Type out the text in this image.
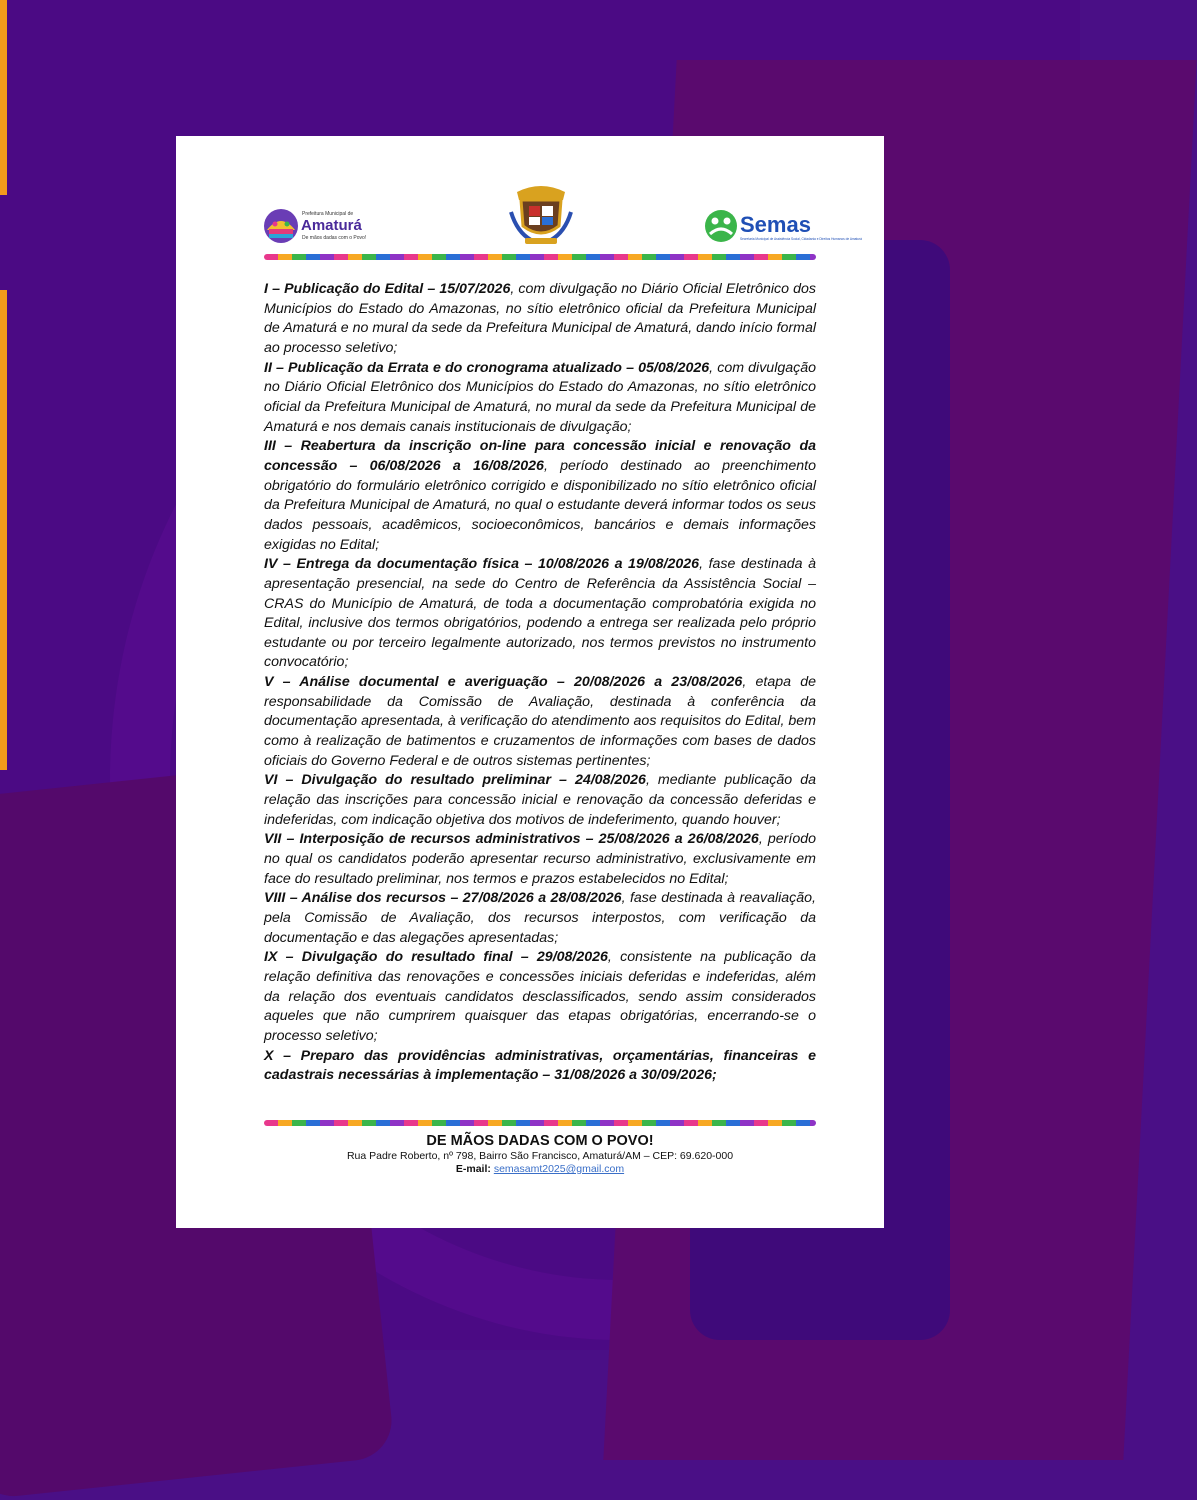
Prefeitura Municipal de
Amaturá
De mãos dadas com o Povo!
Semas
Secretaria Municipal de Assistência Social, Cidadania e Direitos Humanos de Amaturá

I – Publicação do Edital – 15/07/2026, com divulgação no Diário Oficial Eletrônico dos Municípios do Estado do Amazonas, no sítio eletrônico oficial da Prefeitura Municipal de Amaturá e no mural da sede da Prefeitura Municipal de Amaturá, dando início formal ao processo seletivo;

II – Publicação da Errata e do cronograma atualizado – 05/08/2026, com divulgação no Diário Oficial Eletrônico dos Municípios do Estado do Amazonas, no sítio eletrônico oficial da Prefeitura Municipal de Amaturá, no mural da sede da Prefeitura Municipal de Amaturá e nos demais canais institucionais de divulgação;

III – Reabertura da inscrição on-line para concessão inicial e renovação da concessão – 06/08/2026 a 16/08/2026, período destinado ao preenchimento obrigatório do formulário eletrônico corrigido e disponibilizado no sítio eletrônico oficial da Prefeitura Municipal de Amaturá, no qual o estudante deverá informar todos os seus dados pessoais, acadêmicos, socioeconômicos, bancários e demais informações exigidas no Edital;

IV – Entrega da documentação física – 10/08/2026 a 19/08/2026, fase destinada à apresentação presencial, na sede do Centro de Referência da Assistência Social – CRAS do Município de Amaturá, de toda a documentação comprobatória exigida no Edital, inclusive dos termos obrigatórios, podendo a entrega ser realizada pelo próprio estudante ou por terceiro legalmente autorizado, nos termos previstos no instrumento convocatório;

V – Análise documental e averiguação – 20/08/2026 a 23/08/2026, etapa de responsabilidade da Comissão de Avaliação, destinada à conferência da documentação apresentada, à verificação do atendimento aos requisitos do Edital, bem como à realização de batimentos e cruzamentos de informações com bases de dados oficiais do Governo Federal e de outros sistemas pertinentes;

VI – Divulgação do resultado preliminar – 24/08/2026, mediante publicação da relação das inscrições para concessão inicial e renovação da concessão deferidas e indeferidas, com indicação objetiva dos motivos de indeferimento, quando houver;

VII – Interposição de recursos administrativos – 25/08/2026 a 26/08/2026, período no qual os candidatos poderão apresentar recurso administrativo, exclusivamente em face do resultado preliminar, nos termos e prazos estabelecidos no Edital;

VIII – Análise dos recursos – 27/08/2026 a 28/08/2026, fase destinada à reavaliação, pela Comissão de Avaliação, dos recursos interpostos, com verificação da documentação e das alegações apresentadas;

IX – Divulgação do resultado final – 29/08/2026, consistente na publicação da relação definitiva das renovações e concessões iniciais deferidas e indeferidas, além da relação dos eventuais candidatos desclassificados, sendo assim considerados aqueles que não cumprirem quaisquer das etapas obrigatórias, encerrando-se o processo seletivo;

X – Preparo das providências administrativas, orçamentárias, financeiras e cadastrais necessárias à implementação – 31/08/2026 a 30/09/2026;

DE MÃOS DADAS COM O POVO!
Rua Padre Roberto, nº 798, Bairro São Francisco, Amaturá/AM – CEP: 69.620-000
E-mail: semasamt2025@gmail.com
